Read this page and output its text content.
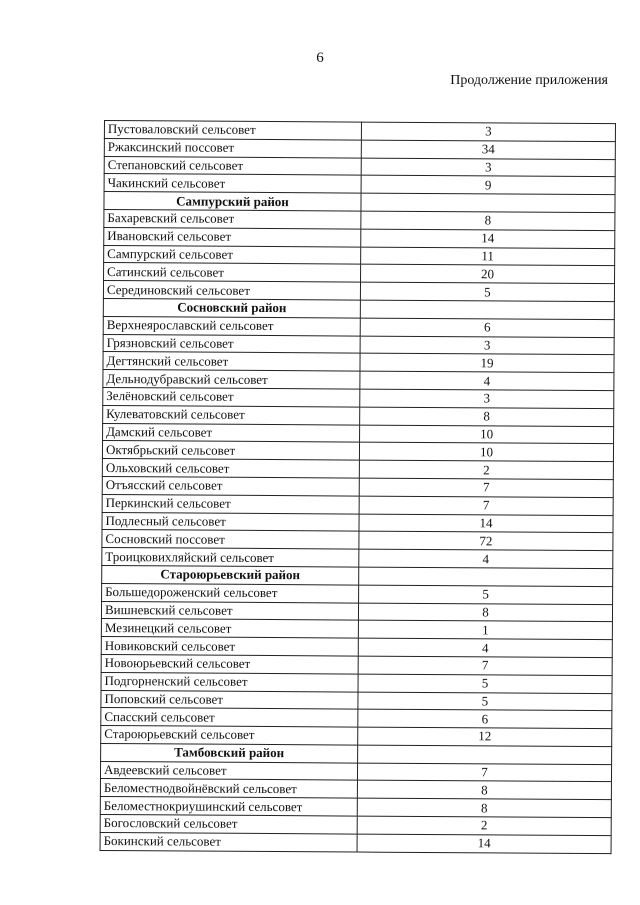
6
Продолжение приложения
Пустоваловский сельсовет	3
Ржаксинский поссовет	34
Степановский сельсовет	3
Чакинский сельсовет	9
Сампурский район	
Бахаревский сельсовет	8
Ивановский сельсовет	14
Сампурский сельсовет	11
Сатинский сельсовет	20
Серединовский сельсовет	5
Сосновский район	
Верхнеярославский сельсовет	6
Грязновский сельсовет	3
Дегтянский сельсовет	19
Дельнодубравский сельсовет	4
Зелёновский сельсовет	3
Кулеватовский сельсовет	8
Дамский сельсовет	10
Октябрьский сельсовет	10
Ольховский сельсовет	2
Отъясский сельсовет	7
Перкинский сельсовет	7
Подлесный сельсовет	14
Сосновский поссовет	72
Троицковихляйский сельсовет	4
Староюрьевский район	
Большедороженский сельсовет	5
Вишневский сельсовет	8
Мезинецкий сельсовет	1
Новиковский сельсовет	4
Новоюрьевский сельсовет	7
Подгорненский сельсовет	5
Поповский сельсовет	5
Спасский сельсовет	6
Староюрьевский сельсовет	12
Тамбовский район	
Авдеевский сельсовет	7
Беломестнодвойнёвский сельсовет	8
Беломестнокриушинский сельсовет	8
Богословский сельсовет	2
Бокинский сельсовет	14
